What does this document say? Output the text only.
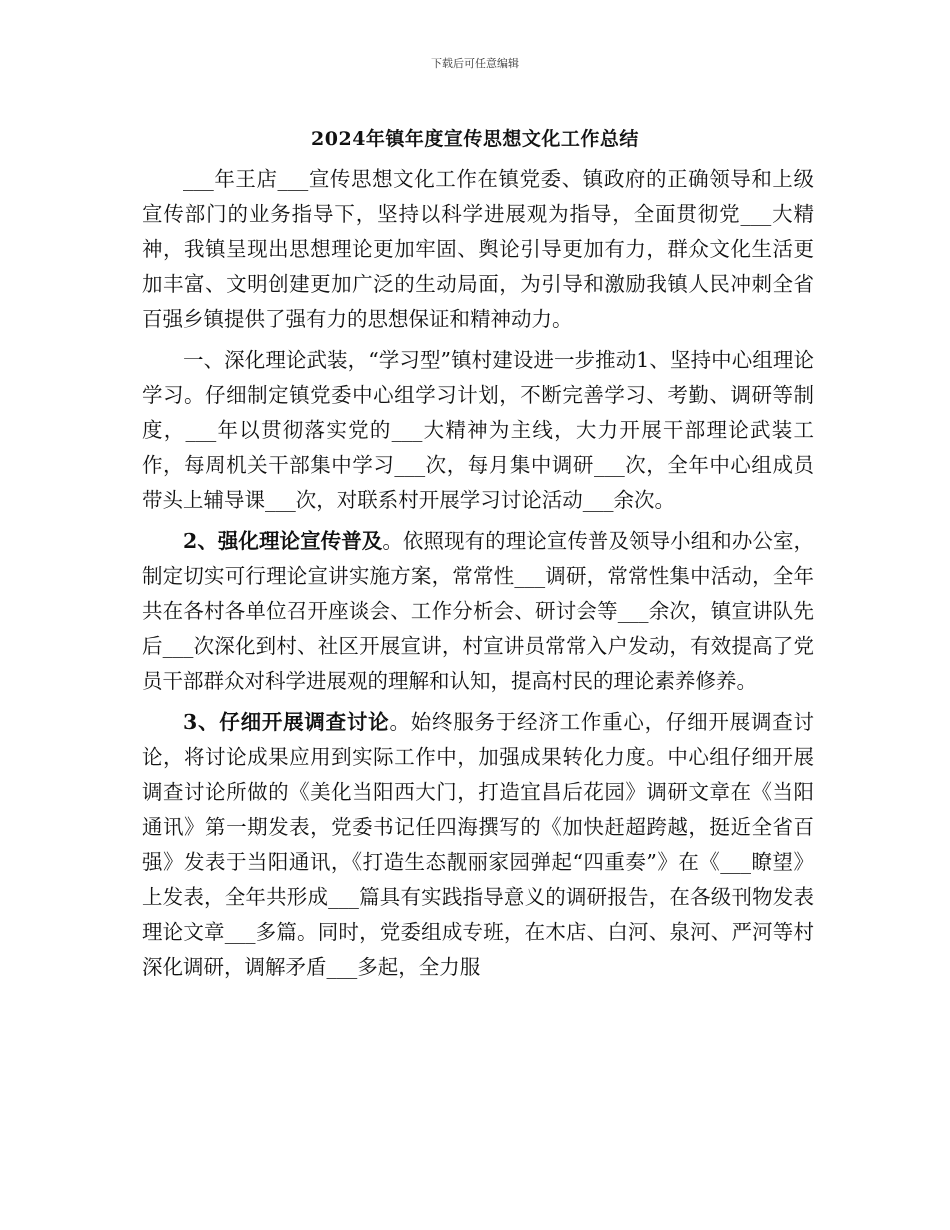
下载后可任意编辑
2024年镇年度宣传思想文化工作总结

___年王店___宣传思想文化工作在镇党委、镇政府的正确领导和上级宣传部门的业务指导下，坚持以科学进展观为指导，全面贯彻党___大精神，我镇呈现出思想理论更加牢固、舆论引导更加有力，群众文化生活更加丰富、文明创建更加广泛的生动局面，为引导和激励我镇人民冲刺全省百强乡镇提供了强有力的思想保证和精神动力。

一、深化理论武装，“学习型”镇村建设进一步推动1、坚持中心组理论学习。仔细制定镇党委中心组学习计划，不断完善学习、考勤、调研等制度，___年以贯彻落实党的___大精神为主线，大力开展干部理论武装工作，每周机关干部集中学习___次，每月集中调研___次，全年中心组成员带头上辅导课___次，对联系村开展学习讨论活动___余次。

2、强化理论宣传普及。依照现有的理论宣传普及领导小组和办公室，制定切实可行理论宣讲实施方案，常常性___调研，常常性集中活动，全年共在各村各单位召开座谈会、工作分析会、研讨会等___余次，镇宣讲队先后___次深化到村、社区开展宣讲，村宣讲员常常入户发动，有效提高了党员干部群众对科学进展观的理解和认知，提高村民的理论素养修养。

3、仔细开展调查讨论。始终服务于经济工作重心，仔细开展调查讨论，将讨论成果应用到实际工作中，加强成果转化力度。中心组仔细开展调查讨论所做的《美化当阳西大门，打造宜昌后花园》调研文章在《当阳通讯》第一期发表，党委书记任四海撰写的《加快赶超跨越，挺近全省百强》发表于当阳通讯，《打造生态靓丽家园弹起“四重奏”》在《___瞭望》上发表，全年共形成___篇具有实践指导意义的调研报告，在各级刊物发表理论文章___多篇。同时，党委组成专班，在木店、白河、泉河、严河等村深化调研，调解矛盾___多起，全力服
